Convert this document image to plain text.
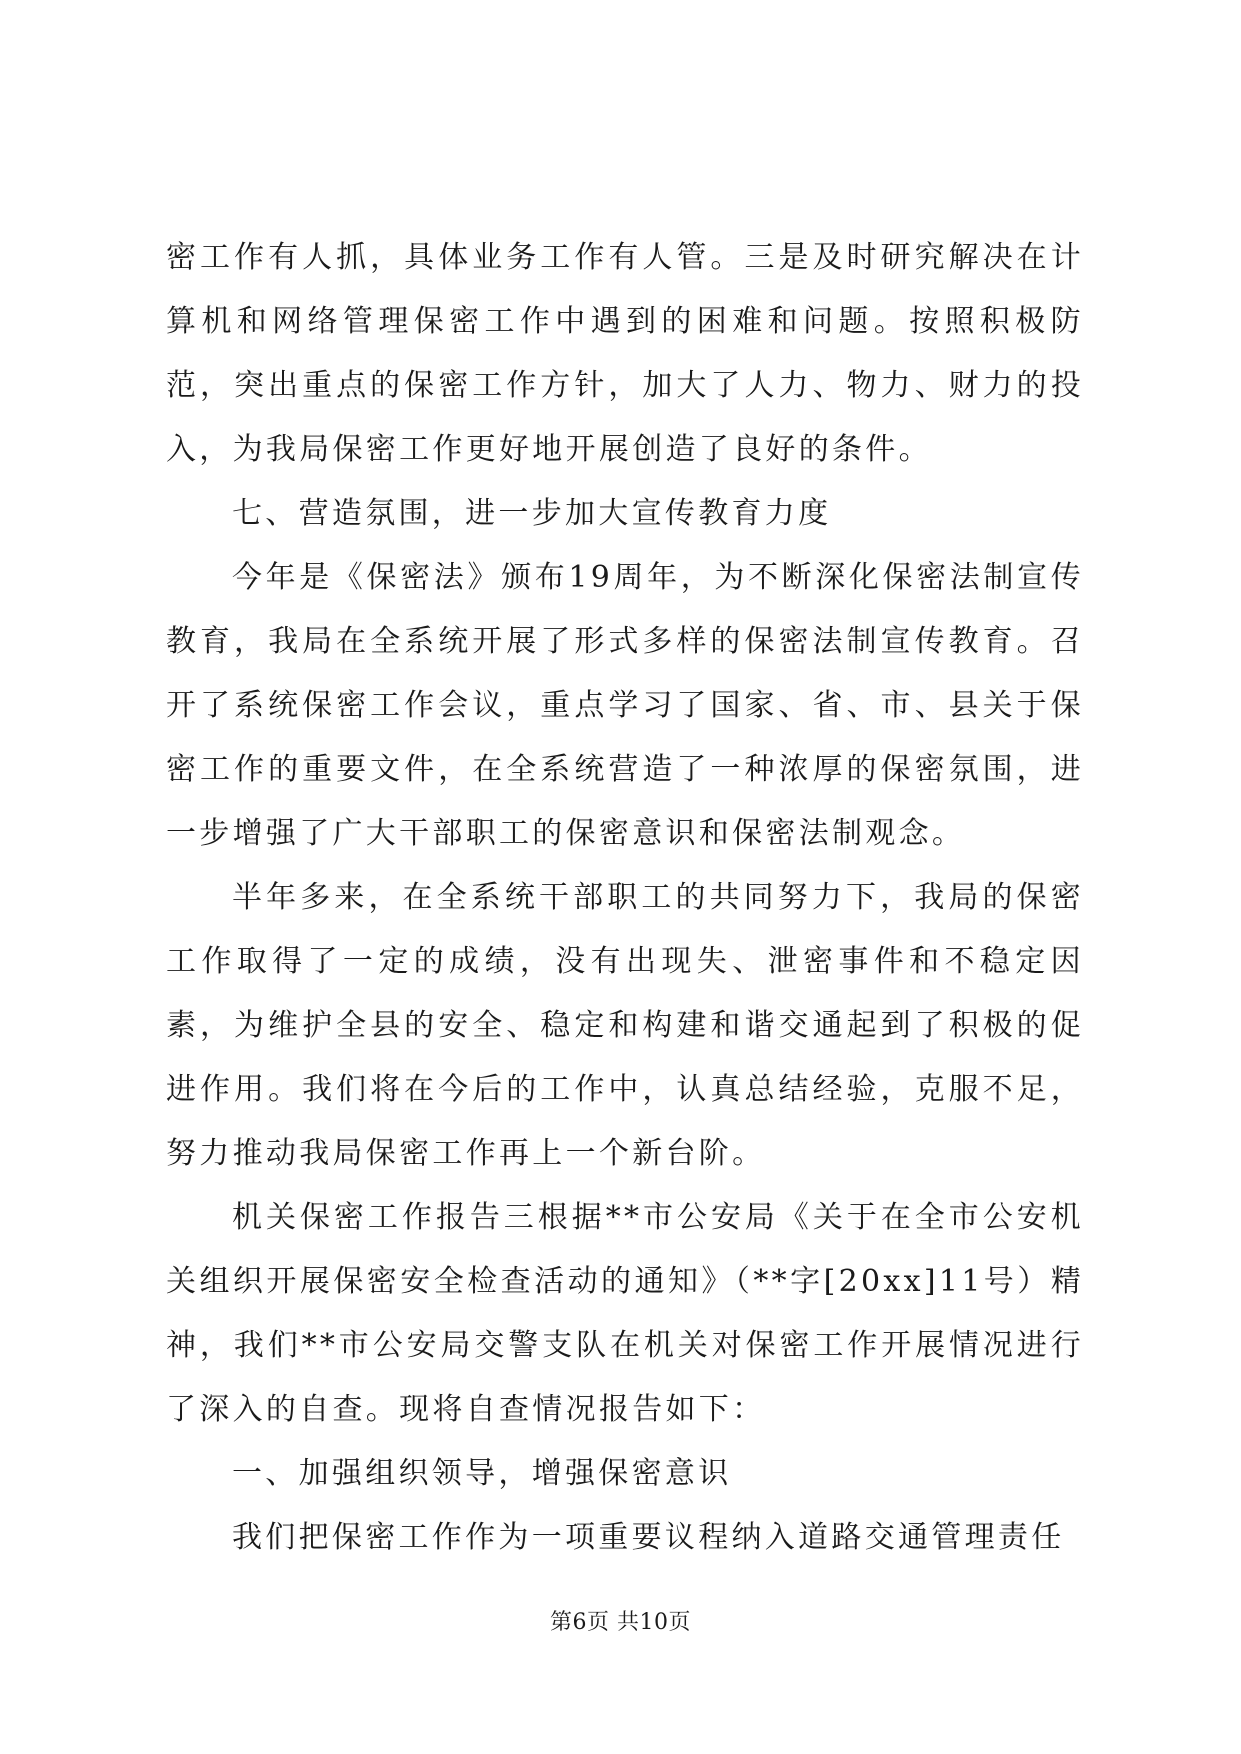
密工作有人抓，具体业务工作有人管。三是及时研究解决在计算机和网络管理保密工作中遇到的困难和问题。按照积极防范，突出重点的保密工作方针，加大了人力、物力、财力的投入，为我局保密工作更好地开展创造了良好的条件。

七、营造氛围，进一步加大宣传教育力度

今年是《保密法》颁布19周年，为不断深化保密法制宣传教育，我局在全系统开展了形式多样的保密法制宣传教育。召开了系统保密工作会议，重点学习了国家、省、市、县关于保密工作的重要文件，在全系统营造了一种浓厚的保密氛围，进一步增强了广大干部职工的保密意识和保密法制观念。

半年多来，在全系统干部职工的共同努力下，我局的保密工作取得了一定的成绩，没有出现失、泄密事件和不稳定因素，为维护全县的安全、稳定和构建和谐交通起到了积极的促进作用。我们将在今后的工作中，认真总结经验，克服不足，努力推动我局保密工作再上一个新台阶。

机关保密工作报告三根据**市公安局《关于在全市公安机关组织开展保密安全检查活动的通知》（**字[20xx]11号）精神，我们**市公安局交警支队在机关对保密工作开展情况进行了深入的自查。现将自查情况报告如下：

一、加强组织领导，增强保密意识

我们把保密工作作为一项重要议程纳入道路交通管理责任

第6页 共10页
